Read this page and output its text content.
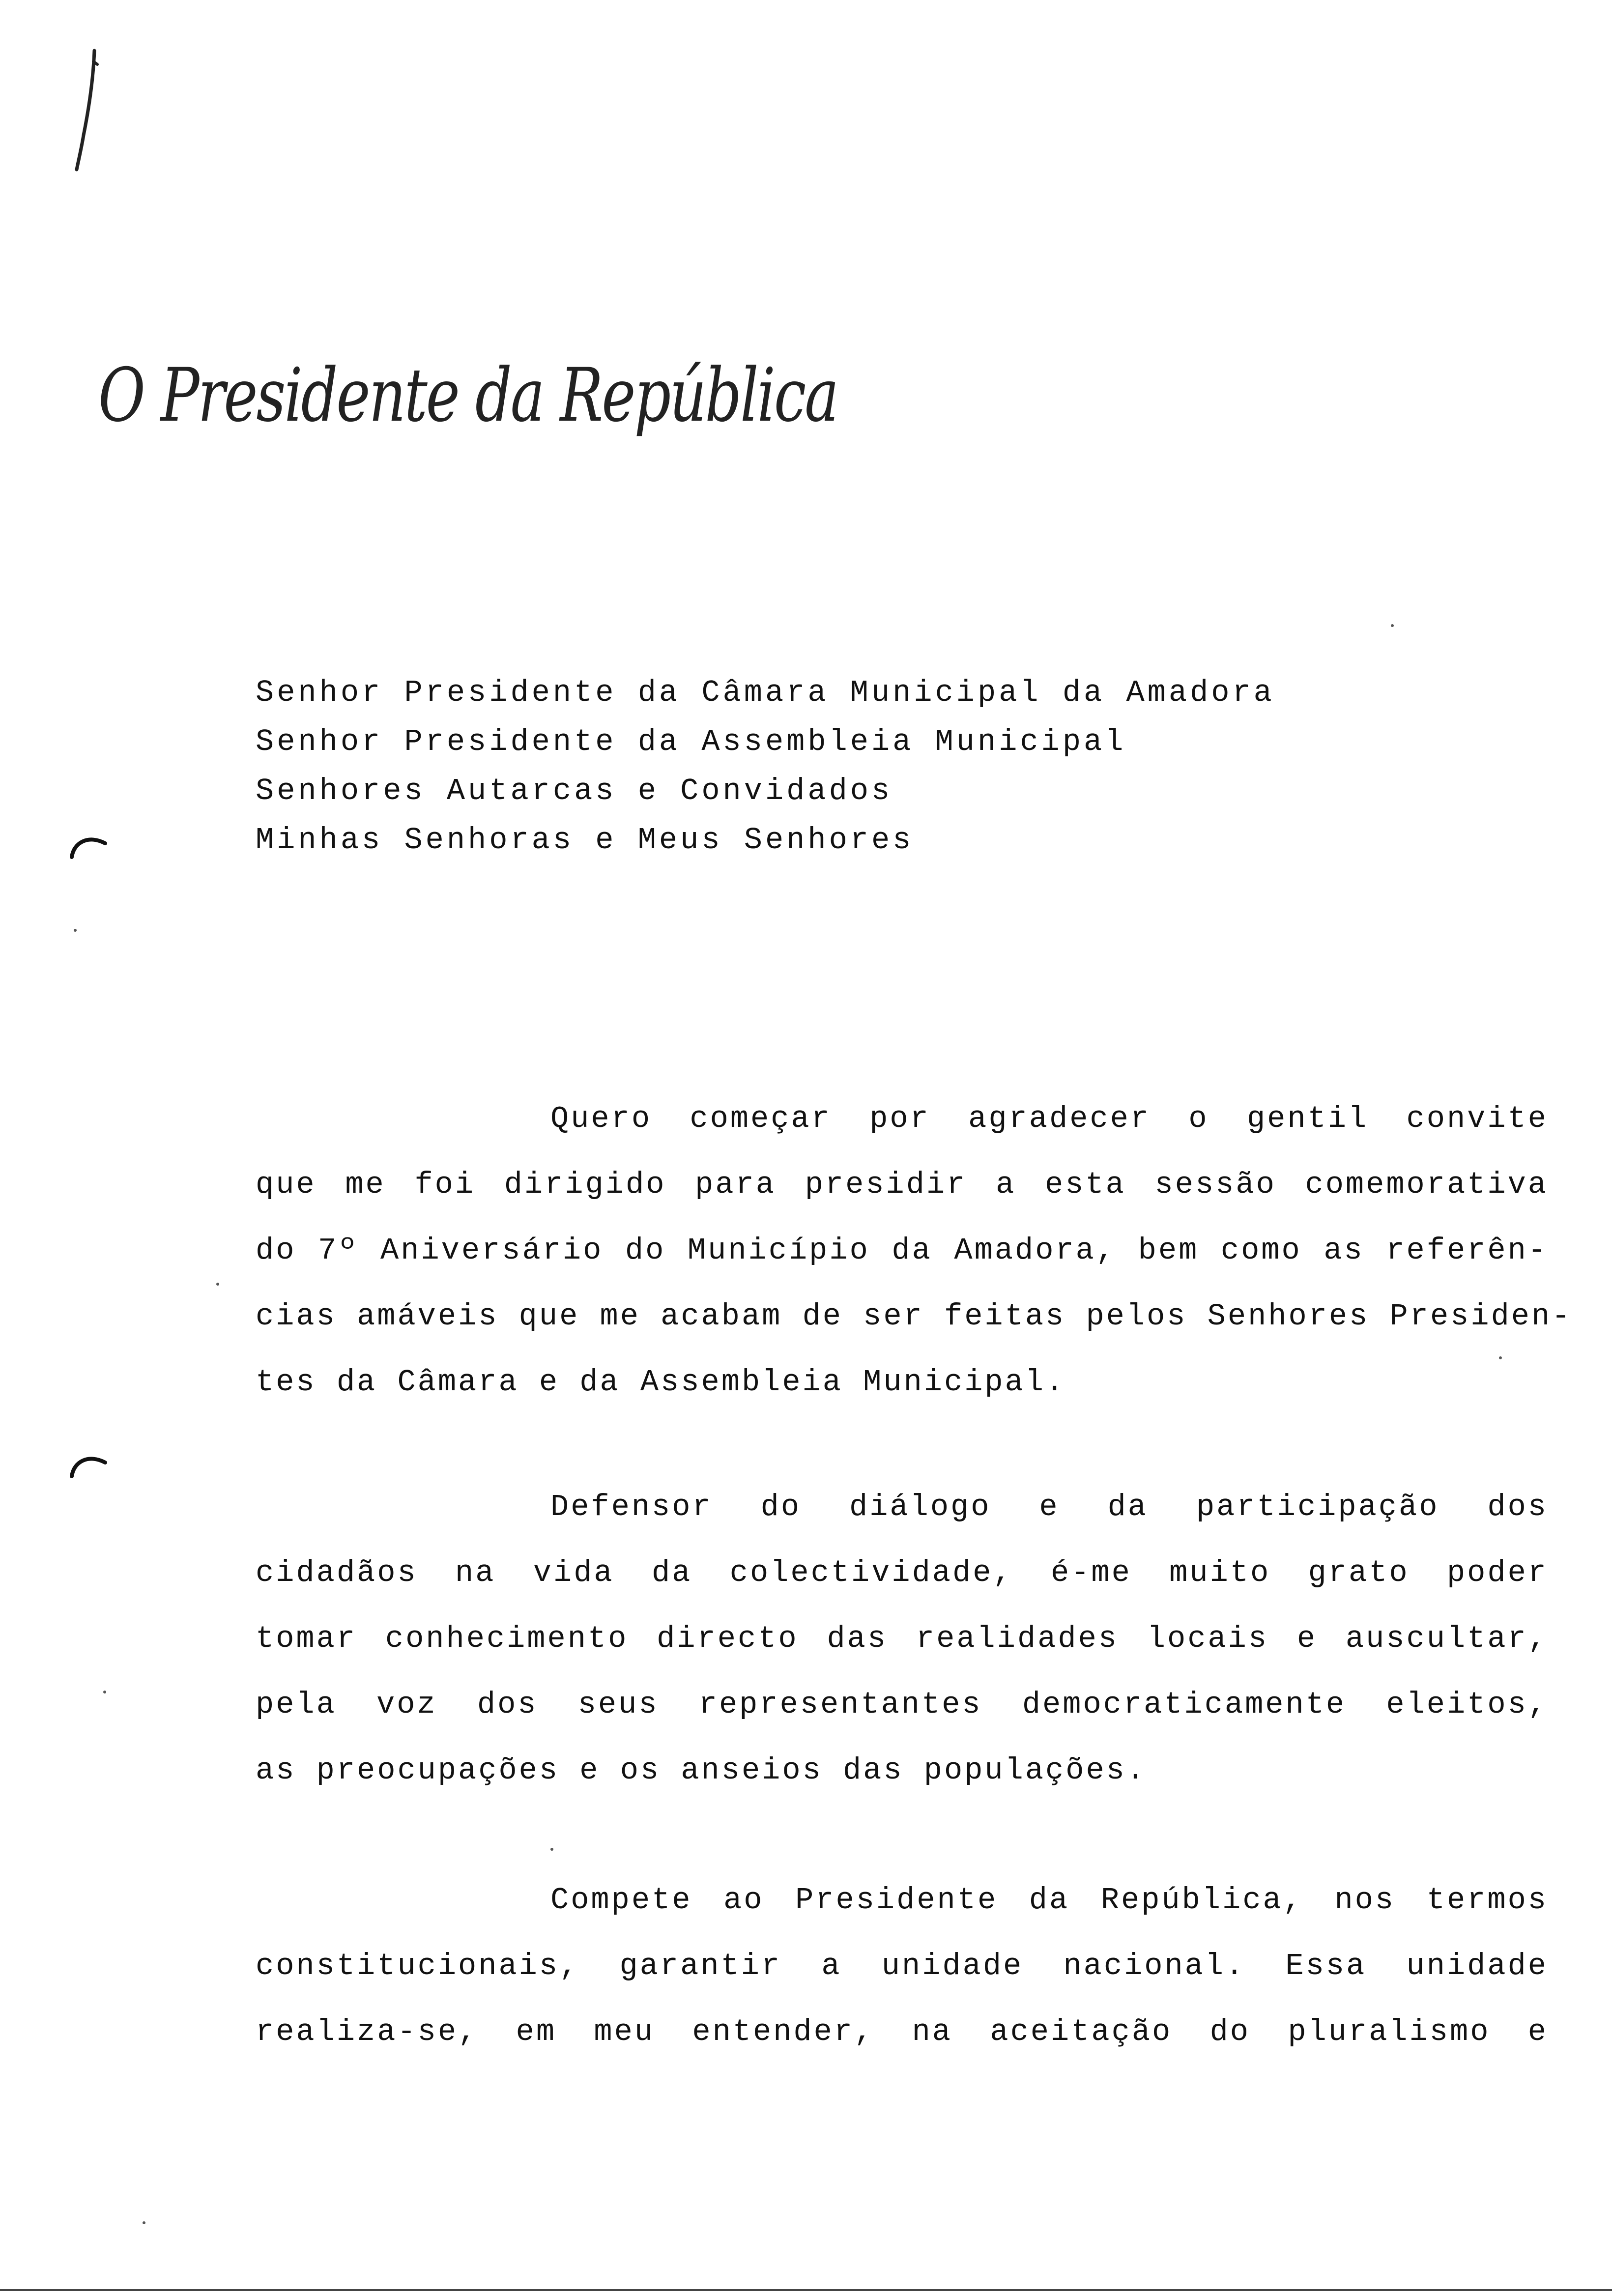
O Presidente da República
Senhor Presidente da Câmara Municipal da Amadora
Senhor Presidente da Assembleia Municipal
Senhores Autarcas e Convidados
Minhas Senhoras e Meus Senhores
Quero começar por agradecer o gentil convite
que me foi dirigido para presidir a esta sessão comemorativa
do 7º Aniversário do Município da Amadora, bem como as referên-
cias amáveis que me acabam de ser feitas pelos Senhores Presiden-
tes da Câmara e da Assembleia Municipal.
Defensor do diálogo e da participação dos
cidadãos na vida da colectividade, é-me muito grato poder
tomar conhecimento directo das realidades locais e auscultar,
pela voz dos seus representantes democraticamente eleitos,
as preocupações e os anseios das populações.
Compete ao Presidente da República, nos termos
constitucionais, garantir a unidade nacional. Essa unidade
realiza-se, em meu entender, na aceitação do pluralismo e
